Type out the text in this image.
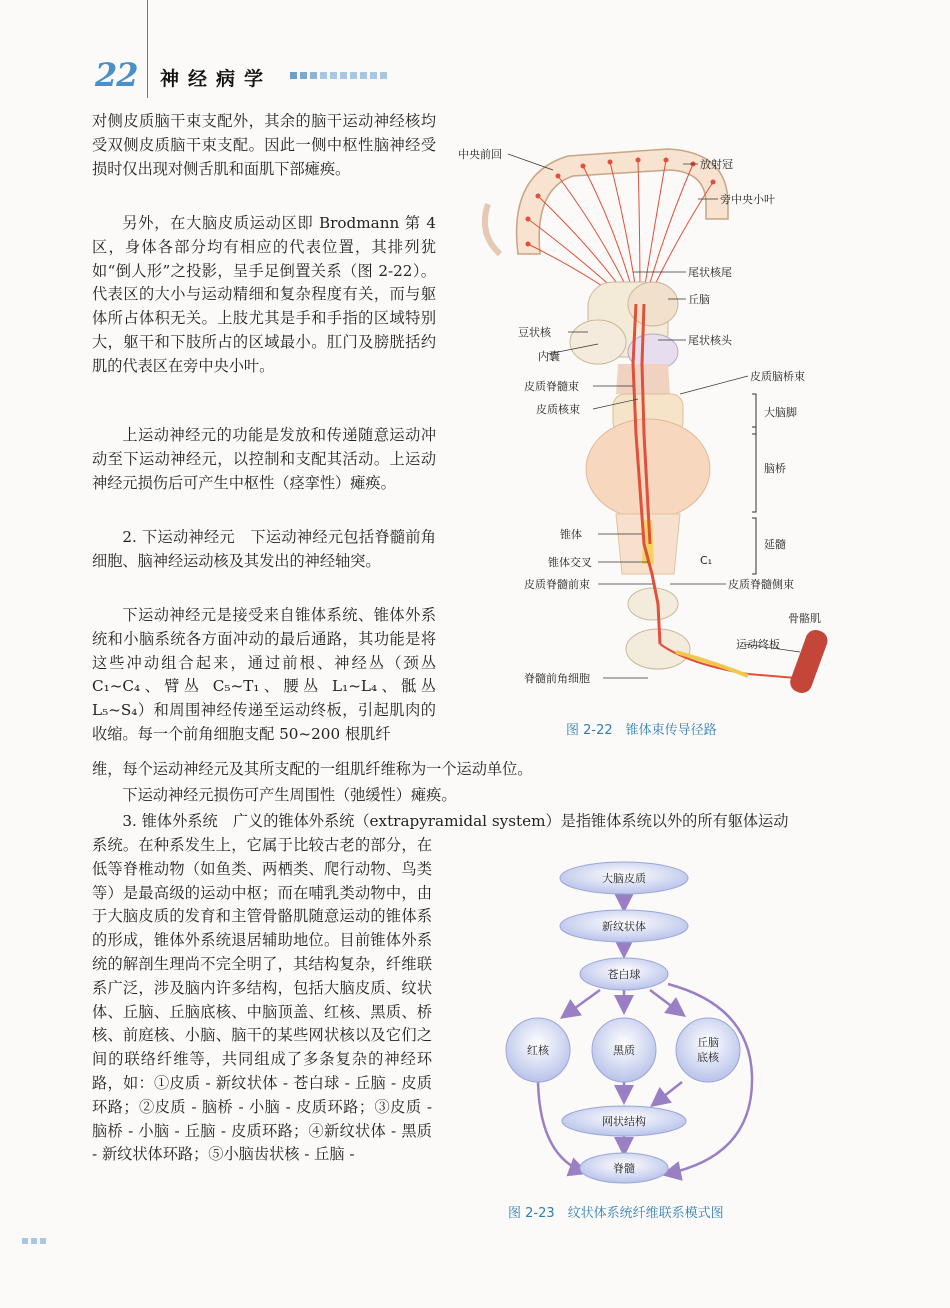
22 神经病学

对侧皮质脑干束支配外，其余的脑干运动神经核均受双侧皮质脑干束支配。因此一侧中枢性脑神经受损时仅出现对侧舌肌和面肌下部瘫痪。

另外，在大脑皮质运动区即 Brodmann 第 4 区，身体各部分均有相应的代表位置，其排列犹如“倒人形”之投影，呈手足倒置关系（图 2-22）。代表区的大小与运动精细和复杂程度有关，而与躯体所占体积无关。上肢尤其是手和手指的区域特别大，躯干和下肢所占的区域最小。肛门及膀胱括约肌的代表区在旁中央小叶。

上运动神经元的功能是发放和传递随意运动冲动至下运动神经元，以控制和支配其活动。上运动神经元损伤后可产生中枢性（痉挛性）瘫痪。

2. 下运动神经元　下运动神经元包括脊髓前角细胞、脑神经运动核及其发出的神经轴突。

下运动神经元是接受来自锥体系统、锥体外系统和小脑系统各方面冲动的最后通路，其功能是将这些冲动组合起来，通过前根、神经丛（颈丛 C₁~C₄、臂丛 C₅~T₁、腰丛 L₁~L₄、骶丛 L₅~S₄）和周围神经传递至运动终板，引起肌肉的收缩。每一个前角细胞支配 50~200 根肌纤

维，每个运动神经元及其所支配的一组肌纤维称为一个运动单位。

下运动神经元损伤可产生周围性（弛缓性）瘫痪。

3. 锥体外系统　广义的锥体外系统（extrapyramidal system）是指锥体系统以外的所有躯体运动

系统。在种系发生上，它属于比较古老的部分，在低等脊椎动物（如鱼类、两栖类、爬行动物、鸟类等）是最高级的运动中枢；而在哺乳类动物中，由于大脑皮质的发育和主管骨骼肌随意运动的锥体系的形成，锥体外系统退居辅助地位。目前锥体外系统的解剖生理尚不完全明了，其结构复杂，纤维联系广泛，涉及脑内许多结构，包括大脑皮质、纹状体、丘脑、丘脑底核、中脑顶盖、红核、黑质、桥核、前庭核、小脑、脑干的某些网状核以及它们之间的联络纤维等，共同组成了多条复杂的神经环路，如：①皮质 - 新纹状体 - 苍白球 - 丘脑 - 皮质环路；②皮质 - 脑桥 - 小脑 - 皮质环路；③皮质 - 脑桥 - 小脑 - 丘脑 - 皮质环路；④新纹状体 - 黑质 - 新纹状体环路；⑤小脑齿状核 - 丘脑 -

中央前回
放射冠
旁中央小叶
尾状核尾
丘脑
豆状核
内囊
尾状核头
皮质脊髓束
皮质脑桥束
皮质核束	大脑脚
脑桥
锥体
延髓
锥体交叉	C₁
皮质脊髓前束	皮质脊髓侧束
骨骼肌
运动终板
脊髓前角细胞
图 2-22　锥体束传导径路
大脑皮质
新纹状体
苍白球
红核	黑质
丘脑
底核
网状结构
脊髓
图 2-23　纹状体系统纤维联系模式图
